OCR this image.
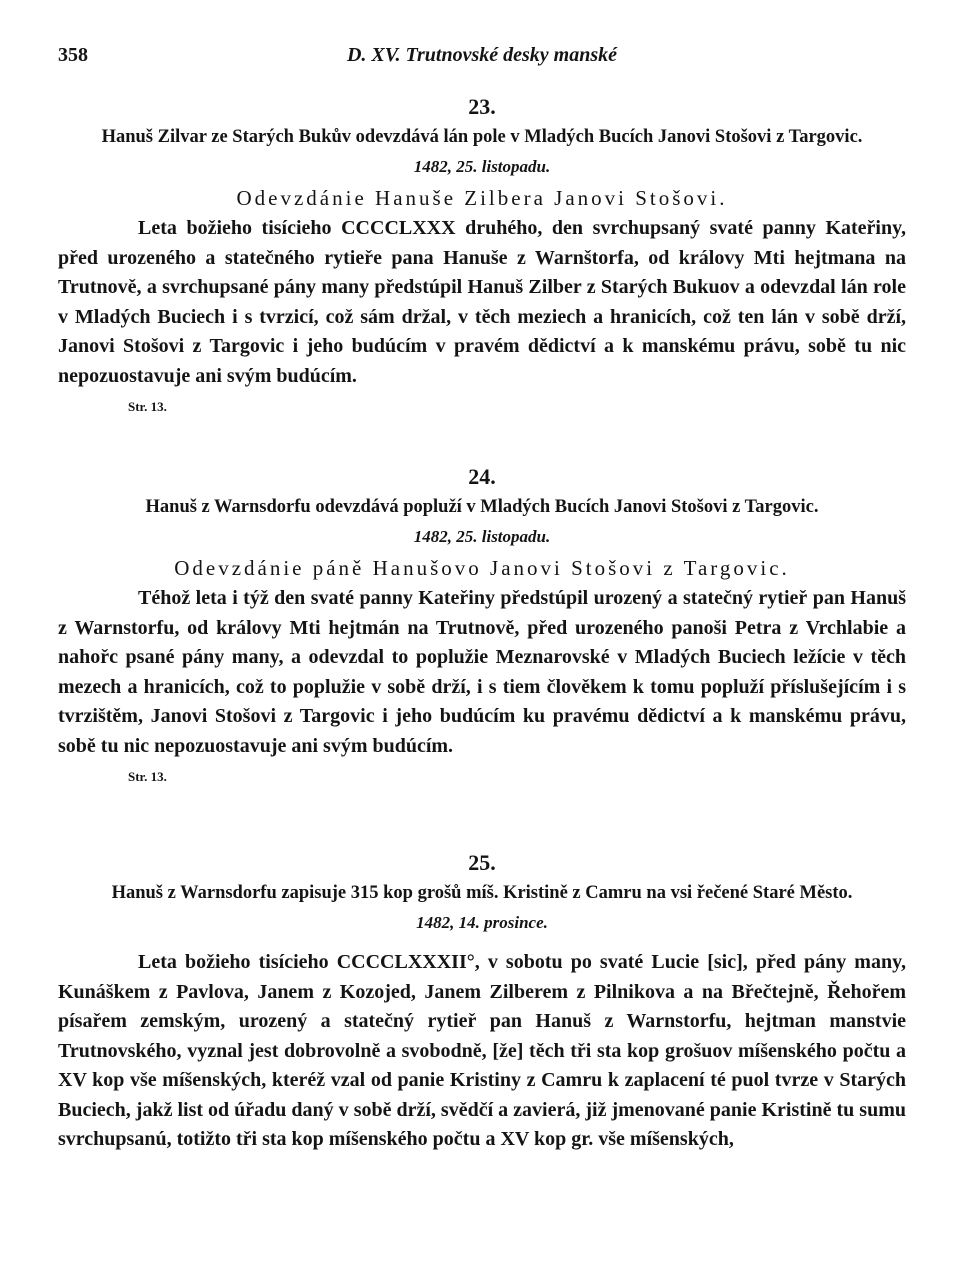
358	D. XV. Trutnovské desky manské

23.

Hanuš Zilvar ze Starých Bukův odevzdává lán pole v Mladých Bucích Janovi Stošovi z Targovic.

1482, 25. listopadu.

Odevzdánie Hanuše Zilbera Janovi Stošovi.

Leta božieho tisícieho CCCCLXXX druhého, den svrchupsaný svaté panny Kateřiny, před urozeného a statečného rytieře pana Hanuše z Warnštorfa, od královy Mti hejtmana na Trutnově, a svrchupsané pány many předstúpil Hanuš Zilber z Starých Bukuov a odevzdal lán role v Mladých Buciech i s tvrzicí, což sám držal, v těch meziech a hranicích, což ten lán v sobě drží, Janovi Stošovi z Targovic i jeho budúcím v pravém dědictví a k manskému právu, sobě tu nic nepozuostavuje ani svým budúcím.

Str. 13.

24.

Hanuš z Warnsdorfu odevzdává popluží v Mladých Bucích Janovi Stošovi z Targovic.

1482, 25. listopadu.

Odevzdánie páně Hanušovo Janovi Stošovi z Targovic.

Téhož leta i týž den svaté panny Kateřiny předstúpil urozený a statečný rytieř pan Hanuš z Warnstorfu, od královy Mti hejtmán na Trutnově, před urozeného panoši Petra z Vrchlabie a nahořc psané pány many, a odevzdal to poplužie Meznarovské v Mladých Buciech ležície v těch mezech a hranicích, což to poplužie v sobě drží, i s tiem člověkem k tomu popluží příslušejícím i s tvrzištěm, Janovi Stošovi z Targovic i jeho budúcím ku pravému dědictví a k manskému právu, sobě tu nic nepozuostavuje ani svým budúcím.

Str. 13.

25.

Hanuš z Warnsdorfu zapisuje 315 kop grošů míš. Kristině z Camru na vsi řečené Staré Město.

1482, 14. prosince.

Leta božieho tisícieho CCCCLXXXII°, v sobotu po svaté Lucie [sic], před pány many, Kunáškem z Pavlova, Janem z Kozojed, Janem Zilberem z Pilnikova a na Břečtejně, Řehořem písařem zemským, urozený a statečný rytieř pan Hanuš z Warnstorfu, hejtman manstvie Trutnovského, vyznal jest dobrovolně a svobodně, [že] těch tři sta kop grošuov míšenského počtu a XV kop vše míšenských, kteréž vzal od panie Kristiny z Camru k zaplacení té puol tvrze v Starých Buciech, jakž list od úřadu daný v sobě drží, svědčí a zavierá, již jmenované panie Kristině tu sumu svrchupsanú, totižto tři sta kop míšenského počtu a XV kop gr. vše míšenských,
